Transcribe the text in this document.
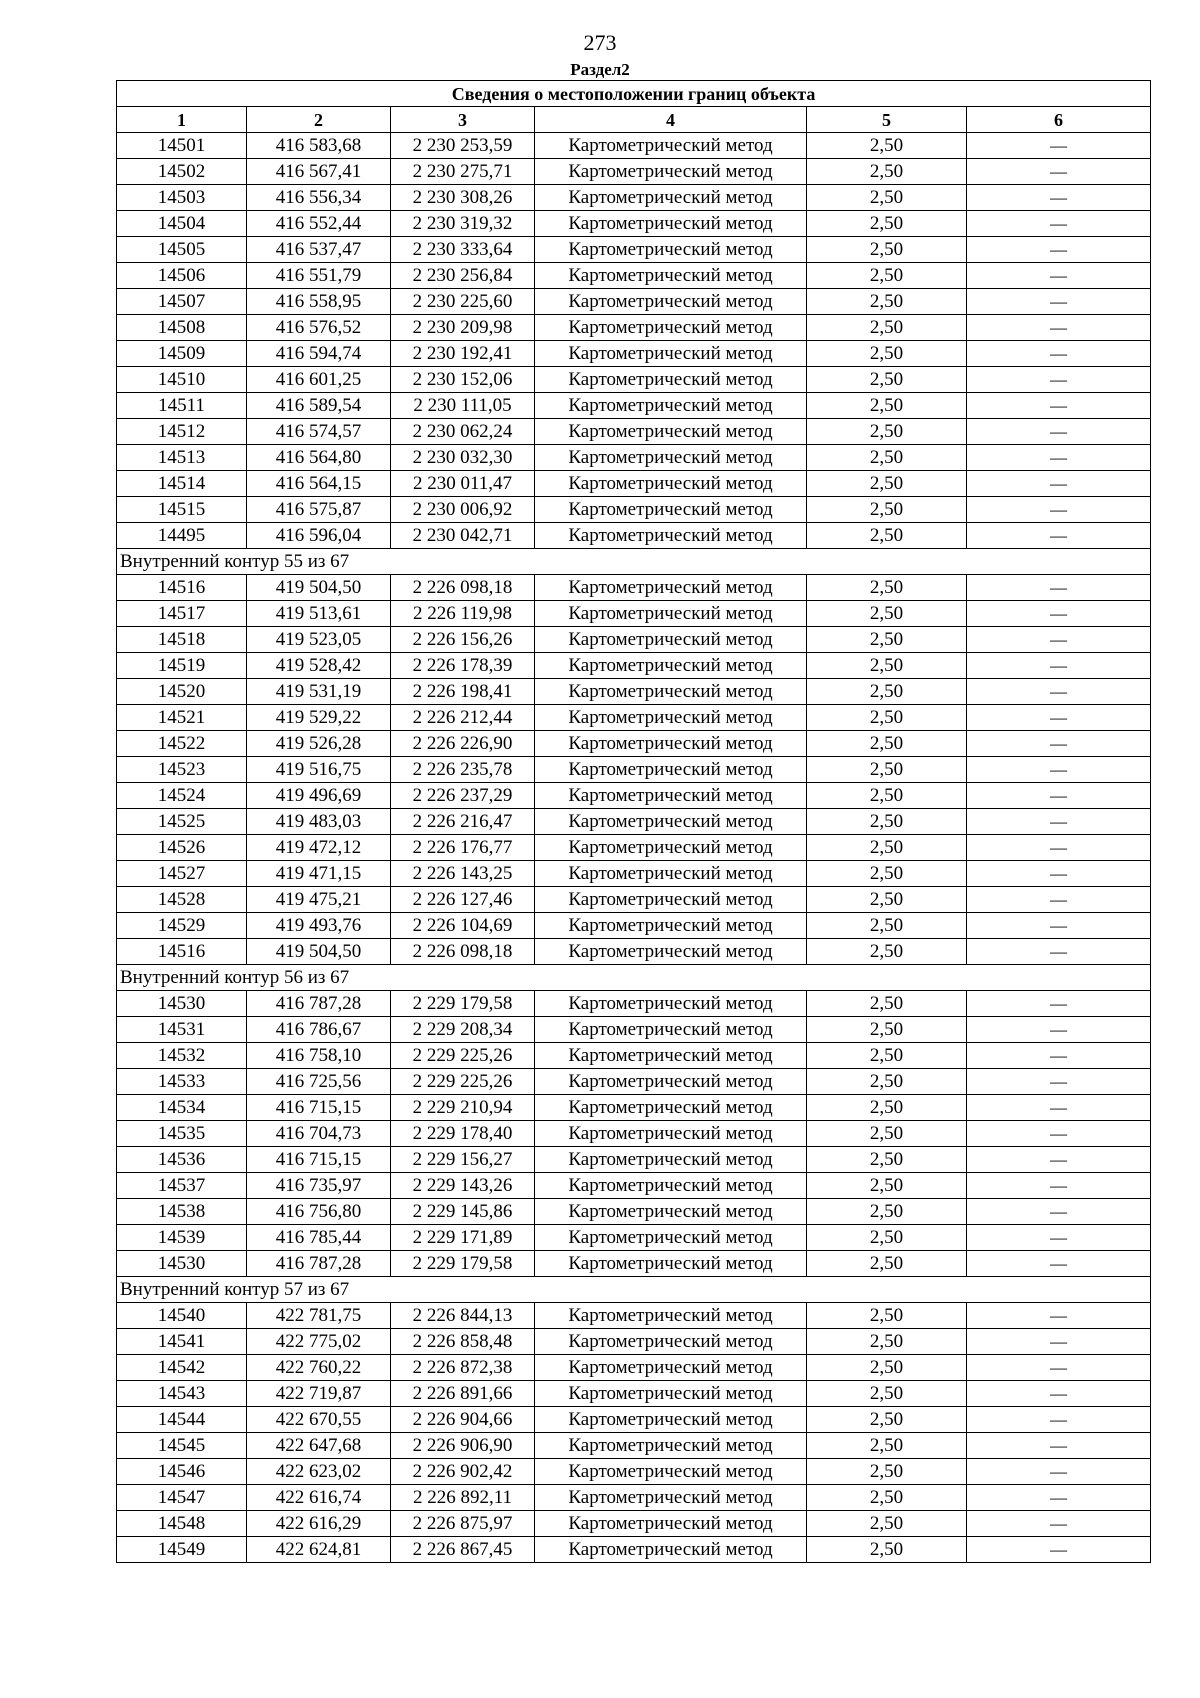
273
Раздел2
Сведения о местоположении границ объекта					
1	2	3	4	5	6
14501	416 583,68	2 230 253,59	Картометрический метод	2,50	—
14502	416 567,41	2 230 275,71	Картометрический метод	2,50	—
14503	416 556,34	2 230 308,26	Картометрический метод	2,50	—
14504	416 552,44	2 230 319,32	Картометрический метод	2,50	—
14505	416 537,47	2 230 333,64	Картометрический метод	2,50	—
14506	416 551,79	2 230 256,84	Картометрический метод	2,50	—
14507	416 558,95	2 230 225,60	Картометрический метод	2,50	—
14508	416 576,52	2 230 209,98	Картометрический метод	2,50	—
14509	416 594,74	2 230 192,41	Картометрический метод	2,50	—
14510	416 601,25	2 230 152,06	Картометрический метод	2,50	—
14511	416 589,54	2 230 111,05	Картометрический метод	2,50	—
14512	416 574,57	2 230 062,24	Картометрический метод	2,50	—
14513	416 564,80	2 230 032,30	Картометрический метод	2,50	—
14514	416 564,15	2 230 011,47	Картометрический метод	2,50	—
14515	416 575,87	2 230 006,92	Картометрический метод	2,50	—
14495	416 596,04	2 230 042,71	Картометрический метод	2,50	—
Внутренний контур 55 из 67					
14516	419 504,50	2 226 098,18	Картометрический метод	2,50	—
14517	419 513,61	2 226 119,98	Картометрический метод	2,50	—
14518	419 523,05	2 226 156,26	Картометрический метод	2,50	—
14519	419 528,42	2 226 178,39	Картометрический метод	2,50	—
14520	419 531,19	2 226 198,41	Картометрический метод	2,50	—
14521	419 529,22	2 226 212,44	Картометрический метод	2,50	—
14522	419 526,28	2 226 226,90	Картометрический метод	2,50	—
14523	419 516,75	2 226 235,78	Картометрический метод	2,50	—
14524	419 496,69	2 226 237,29	Картометрический метод	2,50	—
14525	419 483,03	2 226 216,47	Картометрический метод	2,50	—
14526	419 472,12	2 226 176,77	Картометрический метод	2,50	—
14527	419 471,15	2 226 143,25	Картометрический метод	2,50	—
14528	419 475,21	2 226 127,46	Картометрический метод	2,50	—
14529	419 493,76	2 226 104,69	Картометрический метод	2,50	—
14516	419 504,50	2 226 098,18	Картометрический метод	2,50	—
Внутренний контур 56 из 67					
14530	416 787,28	2 229 179,58	Картометрический метод	2,50	—
14531	416 786,67	2 229 208,34	Картометрический метод	2,50	—
14532	416 758,10	2 229 225,26	Картометрический метод	2,50	—
14533	416 725,56	2 229 225,26	Картометрический метод	2,50	—
14534	416 715,15	2 229 210,94	Картометрический метод	2,50	—
14535	416 704,73	2 229 178,40	Картометрический метод	2,50	—
14536	416 715,15	2 229 156,27	Картометрический метод	2,50	—
14537	416 735,97	2 229 143,26	Картометрический метод	2,50	—
14538	416 756,80	2 229 145,86	Картометрический метод	2,50	—
14539	416 785,44	2 229 171,89	Картометрический метод	2,50	—
14530	416 787,28	2 229 179,58	Картометрический метод	2,50	—
Внутренний контур 57 из 67					
14540	422 781,75	2 226 844,13	Картометрический метод	2,50	—
14541	422 775,02	2 226 858,48	Картометрический метод	2,50	—
14542	422 760,22	2 226 872,38	Картометрический метод	2,50	—
14543	422 719,87	2 226 891,66	Картометрический метод	2,50	—
14544	422 670,55	2 226 904,66	Картометрический метод	2,50	—
14545	422 647,68	2 226 906,90	Картометрический метод	2,50	—
14546	422 623,02	2 226 902,42	Картометрический метод	2,50	—
14547	422 616,74	2 226 892,11	Картометрический метод	2,50	—
14548	422 616,29	2 226 875,97	Картометрический метод	2,50	—
14549	422 624,81	2 226 867,45	Картометрический метод	2,50	—
